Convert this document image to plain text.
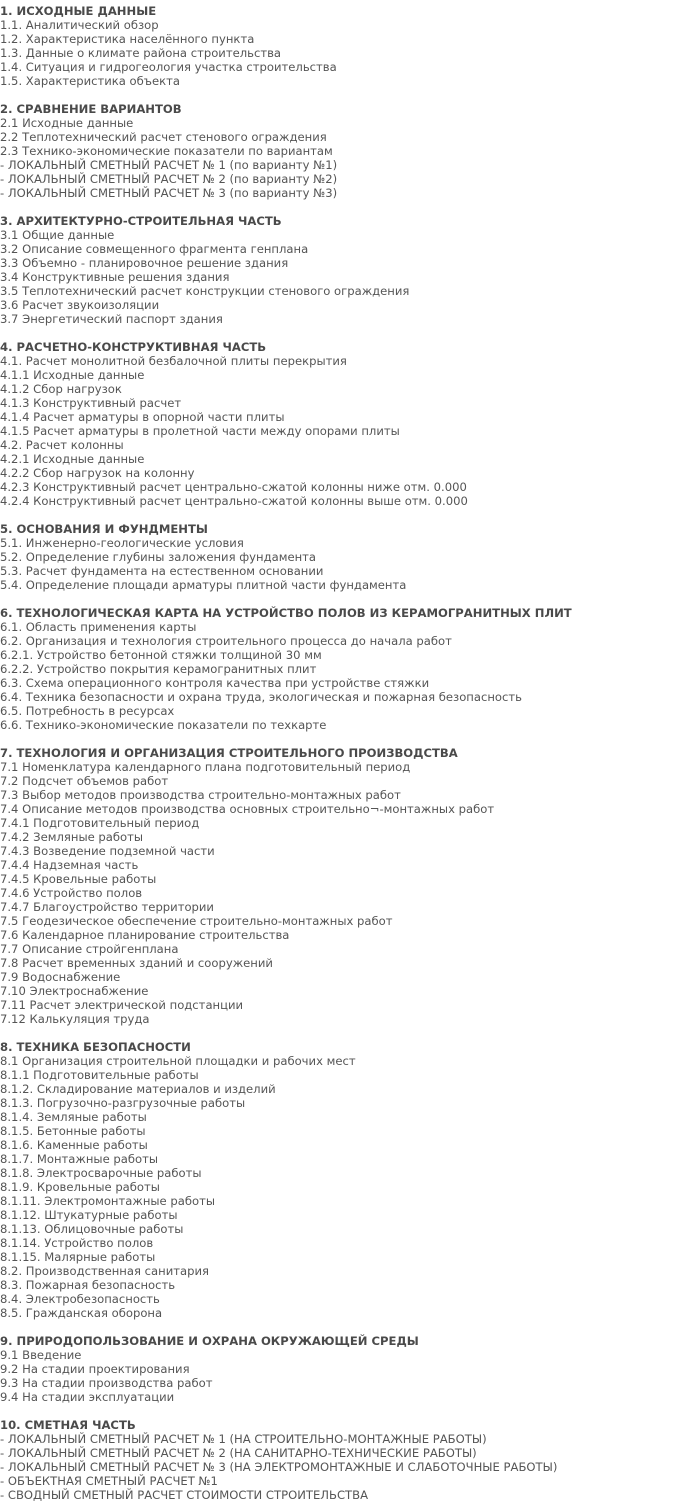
1. ИСХОДНЫЕ ДАННЫЕ
1.1. Аналитический обзор
1.2. Характеристика населённого пункта
1.3. Данные о климате района строительства
1.4. Ситуация и гидрогеология участка строительства
1.5. Характеристика объекта
2. СРАВНЕНИЕ ВАРИАНТОВ
2.1 Исходные данные
2.2 Теплотехнический расчет стенового ограждения
2.3 Технико-экономические показатели по вариантам
- ЛОКАЛЬНЫЙ СМЕТНЫЙ РАСЧЕТ № 1 (по варианту №1)
- ЛОКАЛЬНЫЙ СМЕТНЫЙ РАСЧЕТ № 2 (по варианту №2)
- ЛОКАЛЬНЫЙ СМЕТНЫЙ РАСЧЕТ № 3 (по варианту №3)
3. АРХИТЕКТУРНО-СТРОИТЕЛЬНАЯ ЧАСТЬ
3.1 Общие данные
3.2 Описание совмещенного фрагмента генплана
3.3 Объемно - планировочное решение здания
3.4 Конструктивные решения здания
3.5 Теплотехнический расчет конструкции стенового ограждения
3.6 Расчет звукоизоляции
3.7 Энергетический паспорт здания
4. РАСЧЕТНО-КОНСТРУКТИВНАЯ ЧАСТЬ
4.1. Расчет монолитной безбалочной плиты перекрытия
4.1.1 Исходные данные
4.1.2 Сбор нагрузок
4.1.3 Конструктивный расчет
4.1.4 Расчет арматуры в опорной части плиты
4.1.5 Расчет арматуры в пролетной части между опорами плиты
4.2. Расчет колонны
4.2.1 Исходные данные
4.2.2 Сбор нагрузок на колонну
4.2.3 Конструктивный расчет центрально-сжатой колонны ниже отм. 0.000
4.2.4 Конструктивный расчет центрально-сжатой колонны выше отм. 0.000
5. ОСНОВАНИЯ И ФУНДМЕНТЫ
5.1. Инженерно-геологические условия
5.2. Определение глубины заложения фундамента
5.3. Расчет фундамента на естественном основании
5.4. Определение площади арматуры плитной части фундамента
6. ТЕХНОЛОГИЧЕСКАЯ КАРТА НА УСТРОЙСТВО ПОЛОВ ИЗ КЕРАМОГРАНИТНЫХ ПЛИТ
6.1. Область применения карты
6.2. Организация и технология строительного процесса до начала работ
6.2.1. Устройство бетонной стяжки толщиной 30 мм
6.2.2. Устройство покрытия керамогранитных плит
6.3. Схема операционного контроля качества при устройстве стяжки
6.4. Техника безопасности и охрана труда, экологическая и пожарная безопасность
6.5. Потребность в ресурсах
6.6. Технико-экономические показатели по техкарте
7. ТЕХНОЛОГИЯ И ОРГАНИЗАЦИЯ СТРОИТЕЛЬНОГО ПРОИЗВОДСТВА
7.1 Номенклатура календарного плана подготовительный период
7.2 Подсчет объемов работ
7.3 Выбор методов производства строительно-монтажных работ
7.4 Описание методов производства основных строительно¬-монтажных работ
7.4.1 Подготовительный период
7.4.2 Земляные работы
7.4.3 Возведение подземной части
7.4.4 Надземная часть
7.4.5 Кровельные работы
7.4.6 Устройство полов
7.4.7 Благоустройство территории
7.5 Геодезическое обеспечение строительно-монтажных работ
7.6 Календарное планирование строительства
7.7 Описание стройгенплана
7.8 Расчет временных зданий и сооружений
7.9 Водоснабжение
7.10 Электроснабжение
7.11 Расчет электрической подстанции
7.12 Калькуляция труда
8. ТЕХНИКА БЕЗОПАСНОСТИ
8.1 Организация строительной площадки и рабочих мест
8.1.1 Подготовительные работы
8.1.2. Складирование материалов и изделий
8.1.3. Погрузочно-разгрузочные работы
8.1.4. Земляные работы
8.1.5. Бетонные работы
8.1.6. Каменные работы
8.1.7. Монтажные работы
8.1.8. Электросварочные работы
8.1.9. Кровельные работы
8.1.11. Электромонтажные работы
8.1.12. Штукатурные работы
8.1.13. Облицовочные работы
8.1.14. Устройство полов
8.1.15. Малярные работы
8.2. Производственная санитария
8.3. Пожарная безопасность
8.4. Электробезопасность
8.5. Гражданская оборона
9. ПРИРОДОПОЛЬЗОВАНИЕ И ОХРАНА ОКРУЖАЮЩЕЙ СРЕДЫ
9.1 Введение
9.2 На стадии проектирования
9.3 На стадии производства работ
9.4 На стадии эксплуатации
10. СМЕТНАЯ ЧАСТЬ
- ЛОКАЛЬНЫЙ СМЕТНЫЙ РАСЧЕТ № 1 (НА СТРОИТЕЛЬНО-МОНТАЖНЫЕ РАБОТЫ)
- ЛОКАЛЬНЫЙ СМЕТНЫЙ РАСЧЕТ № 2 (НА САНИТАРНО-ТЕХНИЧЕСКИЕ РАБОТЫ)
- ЛОКАЛЬНЫЙ СМЕТНЫЙ РАСЧЕТ № 3 (НА ЭЛЕКТРОМОНТАЖНЫЕ И СЛАБОТОЧНЫЕ РАБОТЫ)
- ОБЪЕКТНАЯ СМЕТНЫЙ РАСЧЕТ №1
- СВОДНЫЙ СМЕТНЫЙ РАСЧЕТ СТОИМОСТИ СТРОИТЕЛЬСТВА
